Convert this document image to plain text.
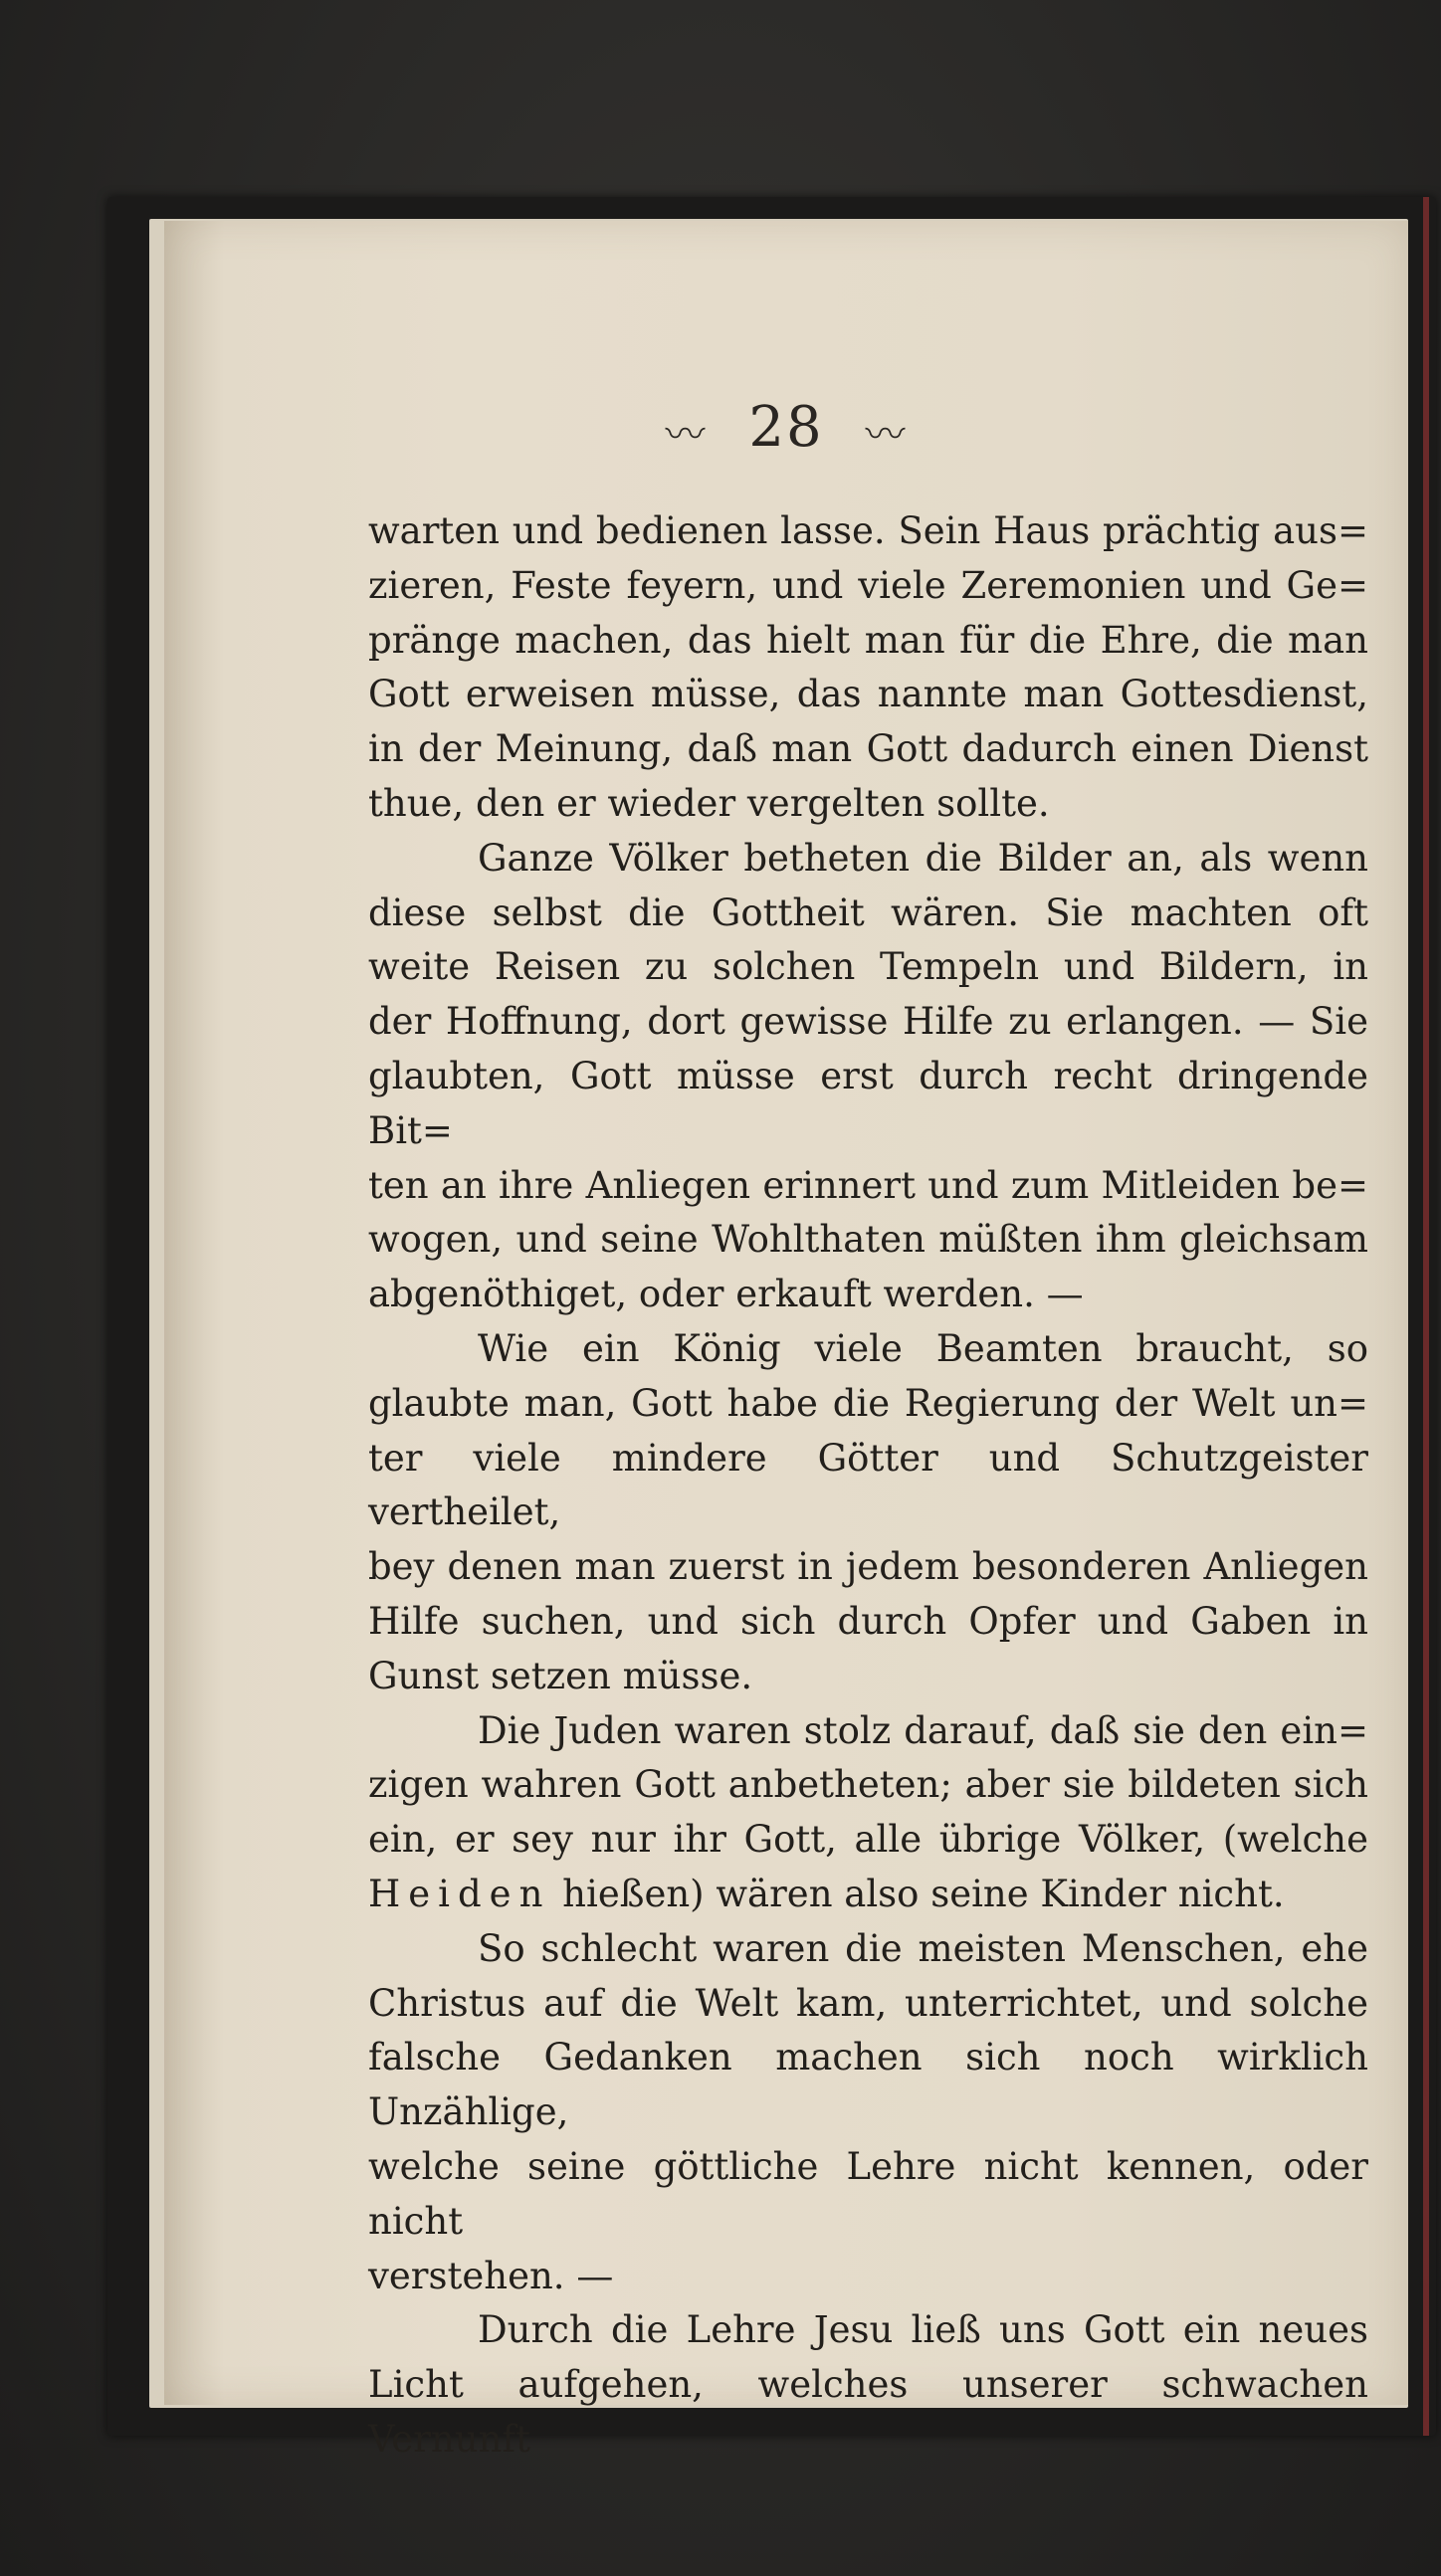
〰 28 〰
warten und bedienen lasse. Sein Haus prächtig aus=
zieren, Feste feyern, und viele Zeremonien und Ge=
pränge machen, das hielt man für die Ehre, die man
Gott erweisen müsse, das nannte man Gottesdienst,
in der Meinung, daß man Gott dadurch einen Dienst
thue, den er wieder vergelten sollte.
Ganze Völker betheten die Bilder an, als wenn
diese selbst die Gottheit wären. Sie machten oft
weite Reisen zu solchen Tempeln und Bildern, in
der Hoffnung, dort gewisse Hilfe zu erlangen. — Sie
glaubten, Gott müsse erst durch recht dringende Bit=
ten an ihre Anliegen erinnert und zum Mitleiden be=
wogen, und seine Wohlthaten müßten ihm gleichsam
abgenöthiget, oder erkauft werden. —
Wie ein König viele Beamten braucht, so
glaubte man, Gott habe die Regierung der Welt un=
ter viele mindere Götter und Schutzgeister vertheilet,
bey denen man zuerst in jedem besonderen Anliegen
Hilfe suchen, und sich durch Opfer und Gaben in
Gunst setzen müsse.
Die Juden waren stolz darauf, daß sie den ein=
zigen wahren Gott anbetheten; aber sie bildeten sich
ein, er sey nur ihr Gott, alle übrige Völker, (welche
Heiden hießen) wären also seine Kinder nicht.
So schlecht waren die meisten Menschen, ehe
Christus auf die Welt kam, unterrichtet, und solche
falsche Gedanken machen sich noch wirklich Unzählige,
welche seine göttliche Lehre nicht kennen, oder nicht
verstehen. —
Durch die Lehre Jesu ließ uns Gott ein neues
Licht aufgehen, welches unserer schwachen Vernunft
